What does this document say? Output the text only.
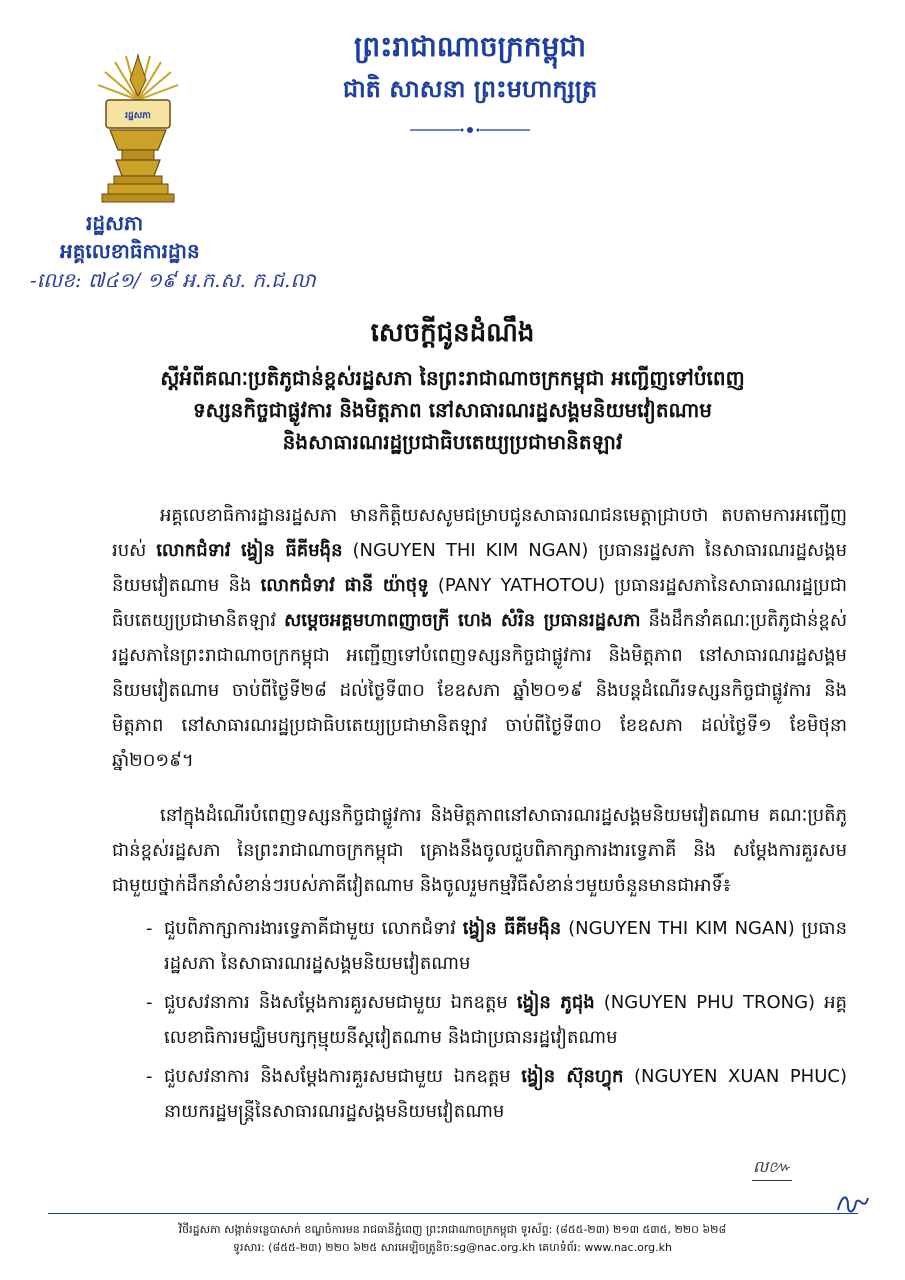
ព្រះរាជាណាចក្រកម្ពុជា
ជាតិ សាសនា ព្រះមហាក្សត្រ
រដ្ឋសភា
រដ្ឋសភា
អគ្គលេខាធិការដ្ឋាន
-លេខ: ៧៤១/ ១៩ អ.ក.ស. ក.ជ.លា
សេចក្តីជូនដំណឹង
ស្តីអំពីគណៈប្រតិភូជាន់ខ្ពស់រដ្ឋសភា នៃព្រះរាជាណាចក្រកម្ពុជា អញ្ជើញទៅបំពេញ
ទស្សនកិច្ចជាផ្លូវការ និងមិត្តភាព នៅសាធារណរដ្ឋសង្គមនិយមវៀតណាម
និងសាធារណរដ្ឋប្រជាធិបតេយ្យប្រជាមានិតឡាវ

អគ្គលេខាធិការដ្ឋានរដ្ឋសភា មានកិត្តិយសសូមជម្រាបជូនសាធារណជនមេត្តាជ្រាបថា តបតាមការអញ្ជើញរបស់ លោកជំទាវ ង្វៀន ធីគីមង៉ិន (NGUYEN THI KIM NGAN) ប្រធានរដ្ឋសភា នៃសាធារណរដ្ឋសង្គមនិយមវៀតណាម និង លោកជំទាវ ផានី យ៉ាថុទូ (PANY YATHOTOU) ប្រធានរដ្ឋសភានៃសាធារណរដ្ឋប្រជាធិបតេយ្យប្រជាមានិតឡាវ សម្តេចអគ្គមហាពញាចក្រី ហេង សំរិន ប្រធានរដ្ឋសភា នឹងដឹកនាំគណៈប្រតិភូជាន់ខ្ពស់រដ្ឋសភានៃព្រះរាជាណាចក្រកម្ពុជា អញ្ជើញទៅបំពេញទស្សនកិច្ចជាផ្លូវការ និងមិត្តភាព នៅសាធារណរដ្ឋសង្គមនិយមវៀតណាម ចាប់ពីថ្ងៃទី២៨ ដល់ថ្ងៃទី៣០ ខែឧសភា ឆ្នាំ២០១៩ និងបន្តដំណើរទស្សនកិច្ចជាផ្លូវការ និងមិត្តភាព នៅសាធារណរដ្ឋប្រជាធិបតេយ្យប្រជាមានិតឡាវ ចាប់ពីថ្ងៃទី៣០ ខែឧសភា ដល់ថ្ងៃទី១ ខែមិថុនា ឆ្នាំ២០១៩។

នៅក្នុងដំណើរបំពេញទស្សនកិច្ចជាផ្លូវការ និងមិត្តភាពនៅសាធារណរដ្ឋសង្គមនិយមវៀតណាម គណៈប្រតិភូជាន់ខ្ពស់រដ្ឋសភា នៃព្រះរាជាណាចក្រកម្ពុជា គ្រោងនឹងចូលជួបពិភាក្សាការងារទ្វេភាគី និង សម្តែងការគួរសមជាមួយថ្នាក់ដឹកនាំសំខាន់ៗរបស់ភាគីវៀតណាម និងចូលរួមកម្មវិធីសំខាន់ៗមួយចំនួនមានជាអាទិ៍៖

- ជួបពិភាក្សាការងារទ្វេភាគីជាមួយ លោកជំទាវ ង្វៀន ធីគីមង៉ិន (NGUYEN THI KIM NGAN) ប្រធានរដ្ឋសភា នៃសាធារណរដ្ឋសង្គមនិយមវៀតណាម
- ជួបសវនាការ និងសម្តែងការគួរសមជាមួយ ឯកឧត្តម ង្វៀន ភូជុង (NGUYEN PHU TRONG) អគ្គលេខាធិការមជ្ឈិមបក្សកុម្មុយនីស្តវៀតណាម និងជាប្រធានរដ្ឋវៀតណាម
- ជួបសវនាការ និងសម្តែងការគួរសមជាមួយ ឯកឧត្តម ង្វៀន ស៊ុនហ្វុក (NGUYEN XUAN PHUC) នាយករដ្ឋមន្ត្រីនៃសាធារណរដ្ឋសង្គមនិយមវៀតណាម
ល៚
វិថីរដ្ឋសភា សង្កាត់ទន្លេបាសាក់ ខណ្ឌចំការមន រាជធានីភ្នំពេញ ព្រះរាជាណាចក្រកម្ពុជា ទូរស័ព្ទ: (៨៥៥-២៣) ២១៣ ៥៣៥, ២២០ ៦២៨
ទូរសារ: (៨៥៥-២៣) ២២០ ៦២៥ សារអេឡិចត្រូនិច:sg@nac.org.kh គេហទំព័រ: www.nac.org.kh
